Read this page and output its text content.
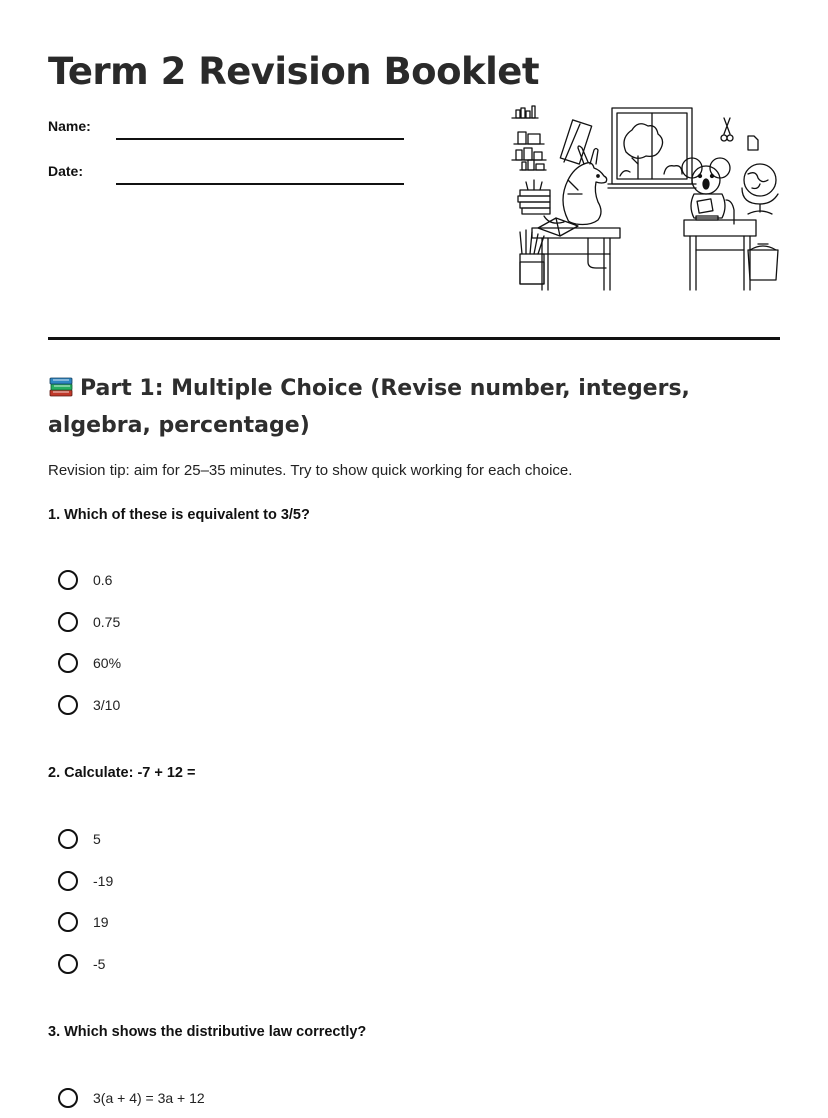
Term 2 Revision Booklet
Name:
Date:
Part 1: Multiple Choice (Revise number, integers, algebra, percentage)
Revision tip: aim for 25–35 minutes. Try to show quick working for each choice.
1. Which of these is equivalent to 3/5?
0.6
0.75
60%
3/10
2. Calculate: -7 + 12 =
5
-19
19
-5
3. Which shows the distributive law correctly?
3(a + 4) = 3a + 12
